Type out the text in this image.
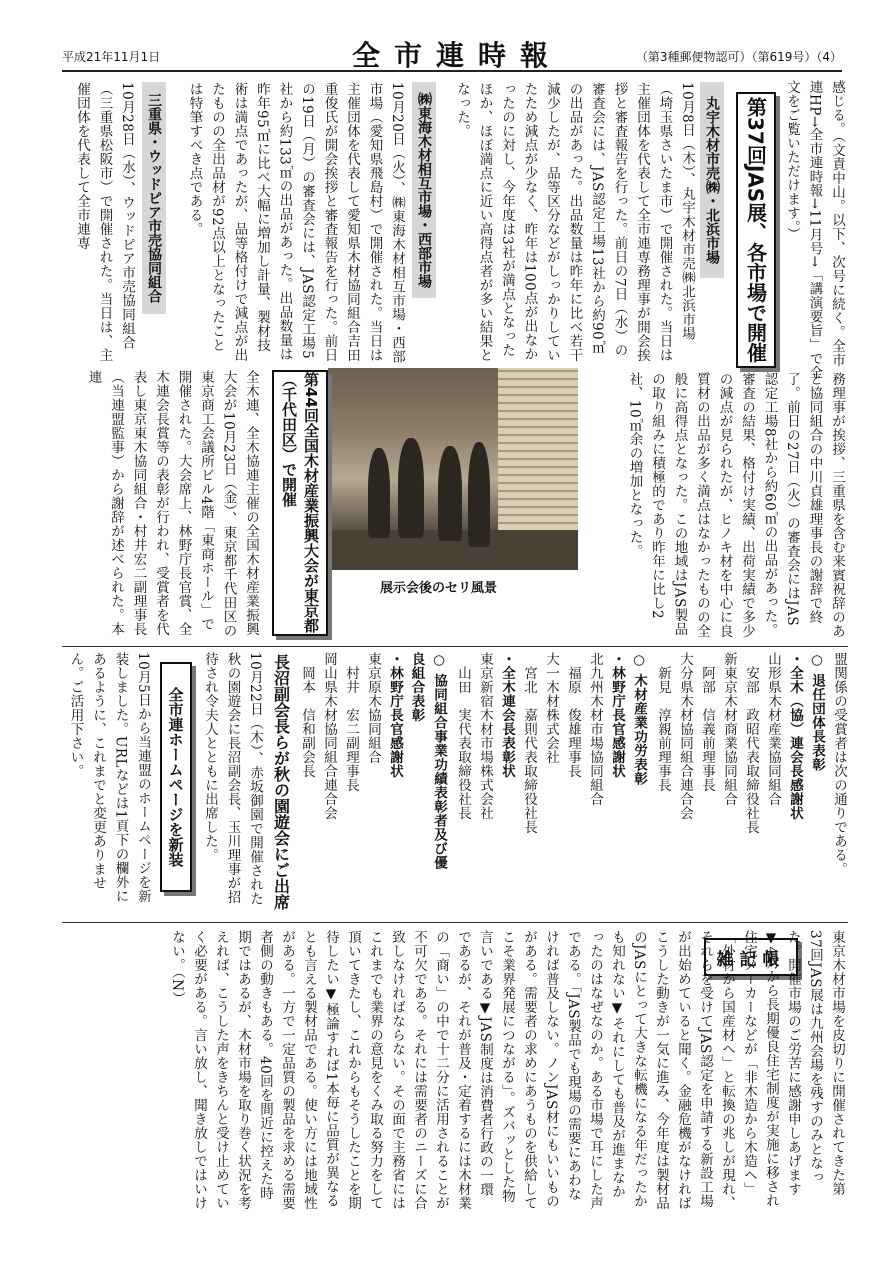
平成21年11月1日	全市連時報	（第3種郵便物認可）（第619号）（4）
感じる。（文責中山。以下、次号に続く。全市連HP→全市連時報→11月号→「講演要旨」で全文をご覧いただけます。）
第37回JAS展、各市場で開催
丸宇木材市売㈱・北浜市場
10月8日（木）、丸宇木材市売㈱北浜市場（埼玉県さいたま市）で開催された。当日は主催団体を代表して全市連専務理事が開会挨拶と審査報告を行った。前日の7日（水）の審査会には、JAS認定工場13社から約90㎥の出品があった。出品数量は昨年に比べ若干減少したが、品等区分などがしっかりしていたため減点が少なく、昨年は100点が出なかったのに対し、今年度は3社が満点となったほか、ほぼ満点に近い高得点者が多い結果となった。
㈱東海木材相互市場・西部市場
10月20日（火）、㈱東海木材相互市場・西部市場（愛知県飛島村）で開催された。当日は主催団体を代表して愛知県木材協同組合吉田重俊氏が開会挨拶と審査報告を行った。前日の19日（月）の審査会には、JAS認定工場5社から約133㎥の出品があった。出品数量は昨年95㎥に比べ大幅に増加し計量、製材技術は満点であったが、品等格付けで減点が出たものの全出品材が92点以上となったことは特筆すべき点である。
三重県・ウッドピア市売協同組合
10月28日（水）、ウッドピア市売協同組合（三重県松阪市）で開催された。当日は、主催団体を代表して全市連専
務理事が挨拶、三重県を含む来賓祝辞のあと協同組合の中川貞雄理事長の謝辞で終了。前日の27日（火）の審査会にはJAS認定工場8社から約60㎥の出品があった。審査の結果、格付け実績、出荷実績で多少の減点が見られたが、ヒノキ材を中心に良質材の出品が多く満点はなかったものの全般に高得点となった。この地域はJAS製品の取り組みに積極的であり昨年に比し2社、10㎥余の増加となった。
展示会後のセリ風景
第44回全国木材産業振興大会が東京都（千代田区）で開催
全木連、全木協連主催の全国木材産業振興大会が10月23日（金）、東京都千代田区の東京商工会議所ビル4階「東商ホール」で開催された。大会席上、林野庁長官賞、全木連会長賞等の表彰が行われ、受賞者を代表し東京東木協同組合・村井宏二副理事長（当連盟監事）から謝辞が述べられた。本連
盟関係の受賞者は次の通りである。
○ 退任団体長表彰
・全木（協）連会長感謝状
山形県木材産業協同組合
　安部　政昭代表取締役社長
新東京木材商業協同組合
　阿部　信義前理事長
大分県木材協同組合連合会
　新見　淳親前理事長
○ 木材産業功労表彰
・林野庁長官感謝状
北九州木材市場協同組合
　福原　俊雄理事長
大一木材株式会社
　宮北　嘉則代表取締役社長
・全木連会長表彰状
東京新宿木材市場株式会社
　山田　実代表取締役社長
○ 協同組合事業功績表彰者及び優良組合表彰
・林野庁長官感謝状
東京原木協同組合
　村井　宏二副理事長
岡山県木材協同組合連合会
　岡本　信和副会長
長沼副会長らが秋の園遊会にご出席
10月22日（木）、赤坂御園で開催された秋の園遊会に長沼副会長、玉川理事が招待され令夫人とともに出席した。
全市連ホームページを新装
10月5日から当連盟のホームページを新装しました。URLなどは1頁下の欄外にあるように、これまでと変更ありません。ご活用下さい。
雑記帳	東京木材市場を皮切りに開催されてきた第37回JAS展は九州会場を残すのみとなった。開催市場のご労苦に感謝申しあげます▼4月から長期優良住宅制度が実施に移され住宅メーカーなどが「非木造から木造へ」「外材から国産材へ」と転換の兆しが現れ、それらを受けてJAS認定を申請する新設工場が出始めていると聞く。金融危機がなければこうした動きが一気に進み、今年度は製材品のJASにとって大きな転機になる年だったかも知れない▼それにしても普及が進まなかったのはなぜなのか。ある市場で耳にした声である。「JAS製品でも現場の需要にあわなければ普及しない。ノンJAS材にもいいものがある。需要者の求めにあうものを供給してこそ業界発展につながる」。ズバッとした物言いである▼JAS制度は消費者行政の一環であるが、それが普及・定着するには木材業の「商い」の中で十二分に活用されることが不可欠である。それには需要者のニーズに合致しなければならない。その面で主務省にはこれまでも業界の意見をくみ取る努力をして頂いてきたし、これからもそうしたことを期待したい▼極論すれば1本毎に品質が異なるとも言える製材品である。使い方には地域性がある。一方で一定品質の製品を求める需要者側の動きもある。40回を間近に控えた時期ではあるが、木材市場を取り巻く状況を考えれば、こうした声をきちんと受け止めていく必要がある。言い放し、聞き放しではいけない。（N）
